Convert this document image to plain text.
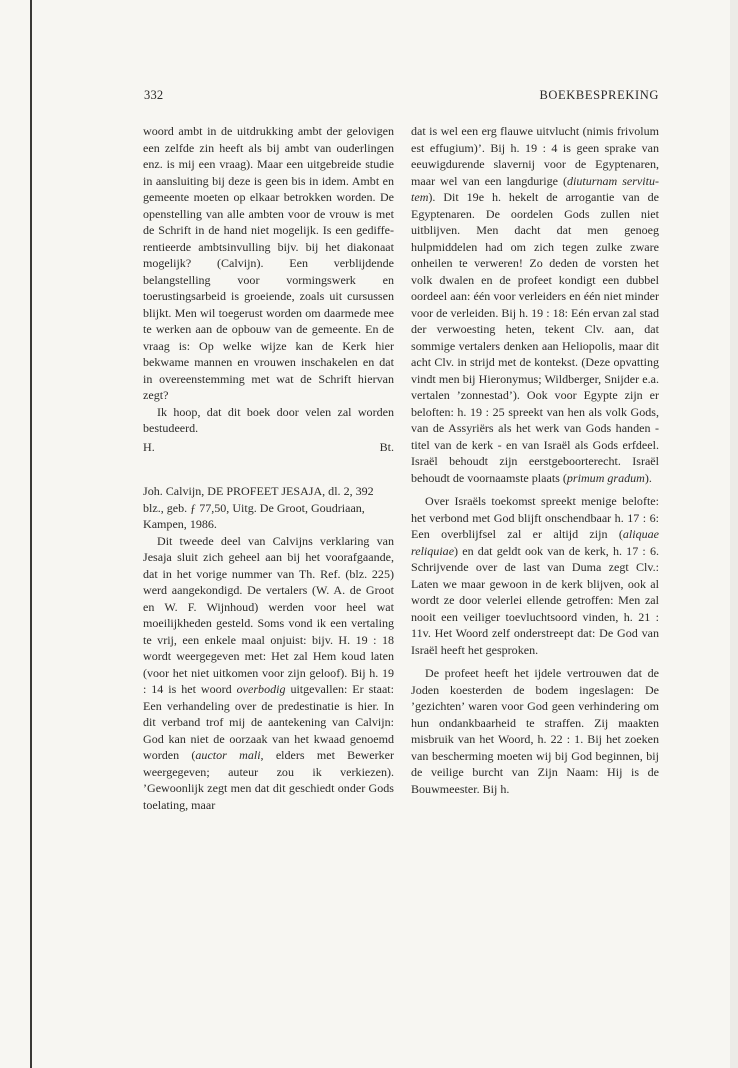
332	BOEKBESPREKING

woord ambt in de uitdrukking ambt der gelovigen een zelfde zin heeft als bij ambt van ouderlingen enz. is mij een vraag). Maar een uitgebreide studie in aansluiting bij deze is geen bis in idem. Ambt en gemeente moeten op elkaar betrokken worden. De openstelling van alle ambten voor de vrouw is met de Schrift in de hand niet mogelijk. Is een gedifferentieerde ambtsinvulling bijv. bij het diakonaat mogelijk? (Calvijn). Een verblijdende belangstelling voor vormingswerk en toerustingsarbeid is groeiende, zoals uit cursussen blijkt. Men wil toegerust worden om daarmede mee te werken aan de opbouw van de gemeente. En de vraag is: Op welke wijze kan de Kerk hier bekwame mannen en vrouwen inschakelen en dat in overeenstemming met wat de Schrift hiervan zegt?

Ik hoop, dat dit boek door velen zal worden bestudeerd.

H.	Bt.

Joh. Calvijn, DE PROFEET JESAJA, dl. 2, 392 blz., geb. ƒ 77,50, Uitg. De Groot, Goudriaan, Kampen, 1986.

Dit tweede deel van Calvijns verklaring van Jesaja sluit zich geheel aan bij het voorafgaande, dat in het vorige nummer van Th. Ref. (blz. 225) werd aangekondigd. De vertalers (W. A. de Groot en W. F. Wijnhoud) werden voor heel wat moeilijkheden gesteld. Soms vond ik een vertaling te vrij, een enkele maal onjuist: bijv. H. 19 : 18 wordt weergegeven met: Het zal Hem koud laten (voor het niet uitkomen voor zijn geloof). Bij h. 19 : 14 is het woord overbodig uitgevallen: Er staat: Een verhandeling over de predestinatie is hier. In dit verband trof mij de aantekening van Calvijn: God kan niet de oorzaak van het kwaad genoemd worden (auctor mali, elders met Bewerker weergegeven; auteur zou ik verkiezen). ’Gewoonlijk zegt men dat dit geschiedt onder Gods toelating, maar

dat is wel een erg flauwe uitvlucht (nimis frivolum est effugium)’. Bij h. 19 : 4 is geen sprake van eeuwigdurende slavernij voor de Egyptenaren, maar wel van een langdurige (diuturnam servitutem). Dit 19e h. hekelt de arrogantie van de Egyptenaren. De oordelen Gods zullen niet uitblijven. Men dacht dat men genoeg hulpmiddelen had om zich tegen zulke zware onheilen te verweren! Zo deden de vorsten het volk dwalen en de profeet kondigt een dubbel oordeel aan: één voor verleiders en één niet minder voor de verleiden. Bij h. 19 : 18: Eén ervan zal stad der verwoesting heten, tekent Clv. aan, dat sommige vertalers denken aan Heliopolis, maar dit acht Clv. in strijd met de kontekst. (Deze opvatting vindt men bij Hieronymus; Wildberger, Snijder e.a. vertalen ’zonnestad’). Ook voor Egypte zijn er beloften: h. 19 : 25 spreekt van hen als volk Gods, van de Assyriërs als het werk van Gods handen - titel van de kerk - en van Israël als Gods erfdeel. Israël behoudt zijn eerstgeboorterecht. Israël behoudt de voornaamste plaats (primum gradum).

Over Israëls toekomst spreekt menige belofte: het verbond met God blijft onschendbaar h. 17 : 6: Een overblijfsel zal er altijd zijn (aliquae reliquiae) en dat geldt ook van de kerk, h. 17 : 6. Schrijvende over de last van Duma zegt Clv.: Laten we maar gewoon in de kerk blijven, ook al wordt ze door velerlei ellende getroffen: Men zal nooit een veiliger toevluchtsoord vinden, h. 21 : 11v. Het Woord zelf onderstreept dat: De God van Israël heeft het gesproken.

De profeet heeft het ijdele vertrouwen dat de Joden koesterden de bodem ingeslagen: De ’gezichten’ waren voor God geen verhindering om hun ondankbaarheid te straffen. Zij maakten misbruik van het Woord, h. 22 : 1. Bij het zoeken van bescherming moeten wij bij God beginnen, bij de veilige burcht van Zijn Naam: Hij is de Bouwmeester. Bij h.
